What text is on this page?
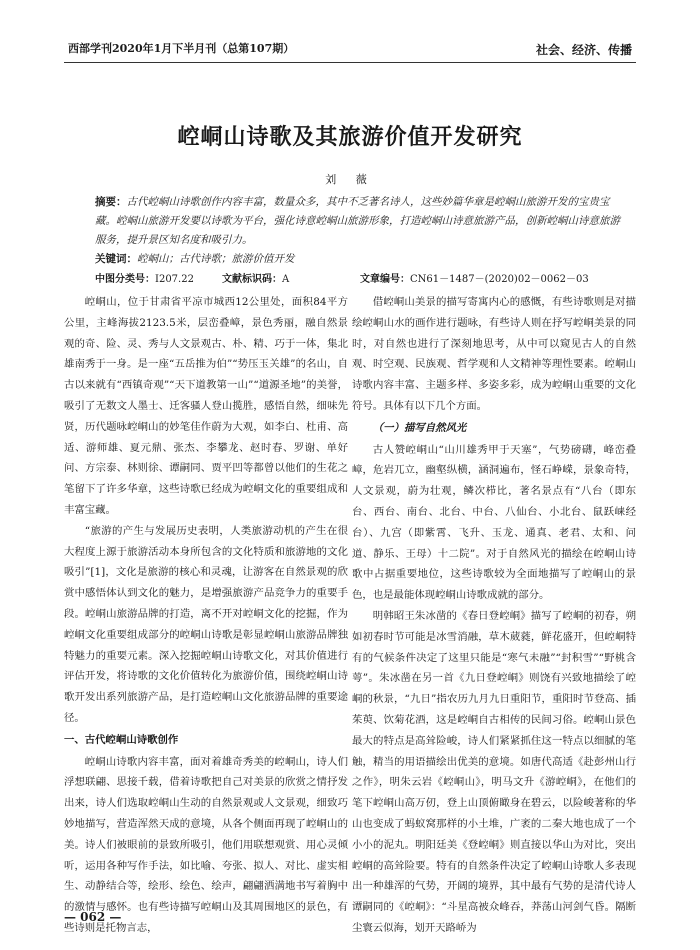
西部学刊2020年1月下半月刊（总第107期）	社会、经济、传播
崆峒山诗歌及其旅游价值开发研究
刘 薇
摘要：古代崆峒山诗歌创作内容丰富，数量众多，其中不乏著名诗人，这些妙篇华章是崆峒山旅游开发的宝贵宝藏。崆峒山旅游开发要以诗歌为平台，强化诗意崆峒山旅游形象，打造崆峒山诗意旅游产品，创新崆峒山诗意旅游服务，提升景区知名度和吸引力。
关键词：崆峒山；古代诗歌；旅游价值开发
中图分类号：I207.22	文献标识码：A	文章编号：CN61－1487－(2020)02－0062－03

崆峒山，位于甘肃省平凉市城西12公里处，面积84平方公里，主峰海拔2123.5米，层峦叠嶂，景色秀丽，融自然景观的奇、险、灵、秀与人文景观古、朴、精、巧于一体，集北雄南秀于一身。是一座“五岳推为伯”“势压玉关雄”的名山，自古以来就有“西镇奇观”“天下道教第一山”“道源圣地”的美誉，吸引了无数文人墨士、迁客骚人登山揽胜，感悟自然，细味先贤，历代题咏崆峒山的妙笔佳作蔚为大观，如李白、杜甫、高适、游师雄、夏元鼎、张杰、李攀龙、赵时春、罗谢、单好问、方宗泰、林则徐、谭嗣同、贾平凹等都曾以他们的生花之笔留下了许多华章，这些诗歌已经成为崆峒文化的重要组成和丰富宝藏。

“旅游的产生与发展历史表明，人类旅游动机的产生在很大程度上源于旅游活动本身所包含的文化特质和旅游地的文化吸引”[1]，文化是旅游的核心和灵魂，让游客在自然景观的欣赏中感悟体认到文化的魅力，是增强旅游产品竞争力的重要手段。崆峒山旅游品牌的打造，离不开对崆峒文化的挖掘，作为崆峒文化重要组成部分的崆峒山诗歌是彰显崆峒山旅游品牌独特魅力的重要元素。深入挖掘崆峒山诗歌文化，对其价值进行评估开发，将诗歌的文化价值转化为旅游价值，围绕崆峒山诗歌开发出系列旅游产品，是打造崆峒山文化旅游品牌的重要途径。

一、古代崆峒山诗歌创作

崆峒山诗歌内容丰富，面对着雄奇秀美的崆峒山，诗人们浮想联翩、思接千载，借着诗歌把自己对美景的欣赏之情抒发出来，诗人们选取崆峒山生动的自然景观或人文景观，细致巧妙地描写，营造浑然天成的意境，从各个侧面再现了崆峒山的美。诗人们被眼前的景致所吸引，他们用联想观赏、用心灵倾听，运用各种写作手法，如比喻、夸张、拟人、对比、虚实相生、动静结合等，绘形、绘色、绘声，翩翩洒满地书写着胸中的激情与感怀。也有些诗描写崆峒山及其周围地区的景色，有些诗则是托物言志，

借崆峒山美景的描写寄寓内心的感慨，有些诗歌则是对描绘崆峒山水的画作进行题咏，有些诗人则在抒写崆峒美景的同时，对自然也进行了深刻地思考，从中可以窥见古人的自然观、时空观、民族观、哲学观和人文精神等理性要素。崆峒山诗歌内容丰富、主题多样、多姿多彩，成为崆峒山重要的文化符号。具体有以下几个方面。

（一）描写自然风光

古人赞崆峒山“山川雄秀甲于天塞”，气势磅礴，峰峦叠嶂，危岩兀立，幽壑纵横，涵洞遍布，怪石峥嵘，景象奇特，人文景观，蔚为壮观，鳞次栉比，著名景点有“八台（即东台、西台、南台、北台、中台、八仙台、小北台、鼠跃崃经台）、九宫（即紫霄、飞升、玉龙、通真、老君、太和、问道、静乐、王母）十二院”。对于自然风光的描绘在崆峒山诗歌中占据重要地位，这些诗歌较为全面地描写了崆峒山的景色，也是最能体现崆峒山诗歌成就的部分。

明韩昭王朱冰凿的《春日登崆峒》描写了崆峒的初春，朔如初春时节可能是冰雪消融，草木葳蕤，鲜花盛开，但崆峒特有的气候条件决定了这里只能是“寒气未融”“封积雪”“野桃含萼”。朱冰凿在另一首《九日登崆峒》则饶有兴致地描绘了崆峒的秋景，“九日”指农历九月九日重阳节，重阳时节登高、插茱萸、饮菊花酒，这是崆峒自古相传的民间习俗。崆峒山景色最大的特点是高耸险峻，诗人们紧紧抓住这一特点以细腻的笔触，精当的用语描绘出优美的意境。如唐代高适《赴彭州山行之作》，明朱云岩《崆峒山》，明马文升《游崆峒》，在他们的笔下崆峒山高万仞，登上山顶俯瞰身在碧云，以险峻著称的华山也变成了蚂蚁窝那样的小土堆，广袤的二秦大地也成了一个小小的泥丸。明阳廷美《登崆峒》则直接以华山为对比，突出崆峒的高耸险要。特有的自然条件决定了崆峒山诗歌人多表现出一种雄浑的气势，开阔的境界，其中最有气势的是清代诗人谭嗣同的《崆峒》：“斗星高被众峰吞，莽荡山河剑气昏。隔断尘寰云似海，划开天路峤为

— 062 —
